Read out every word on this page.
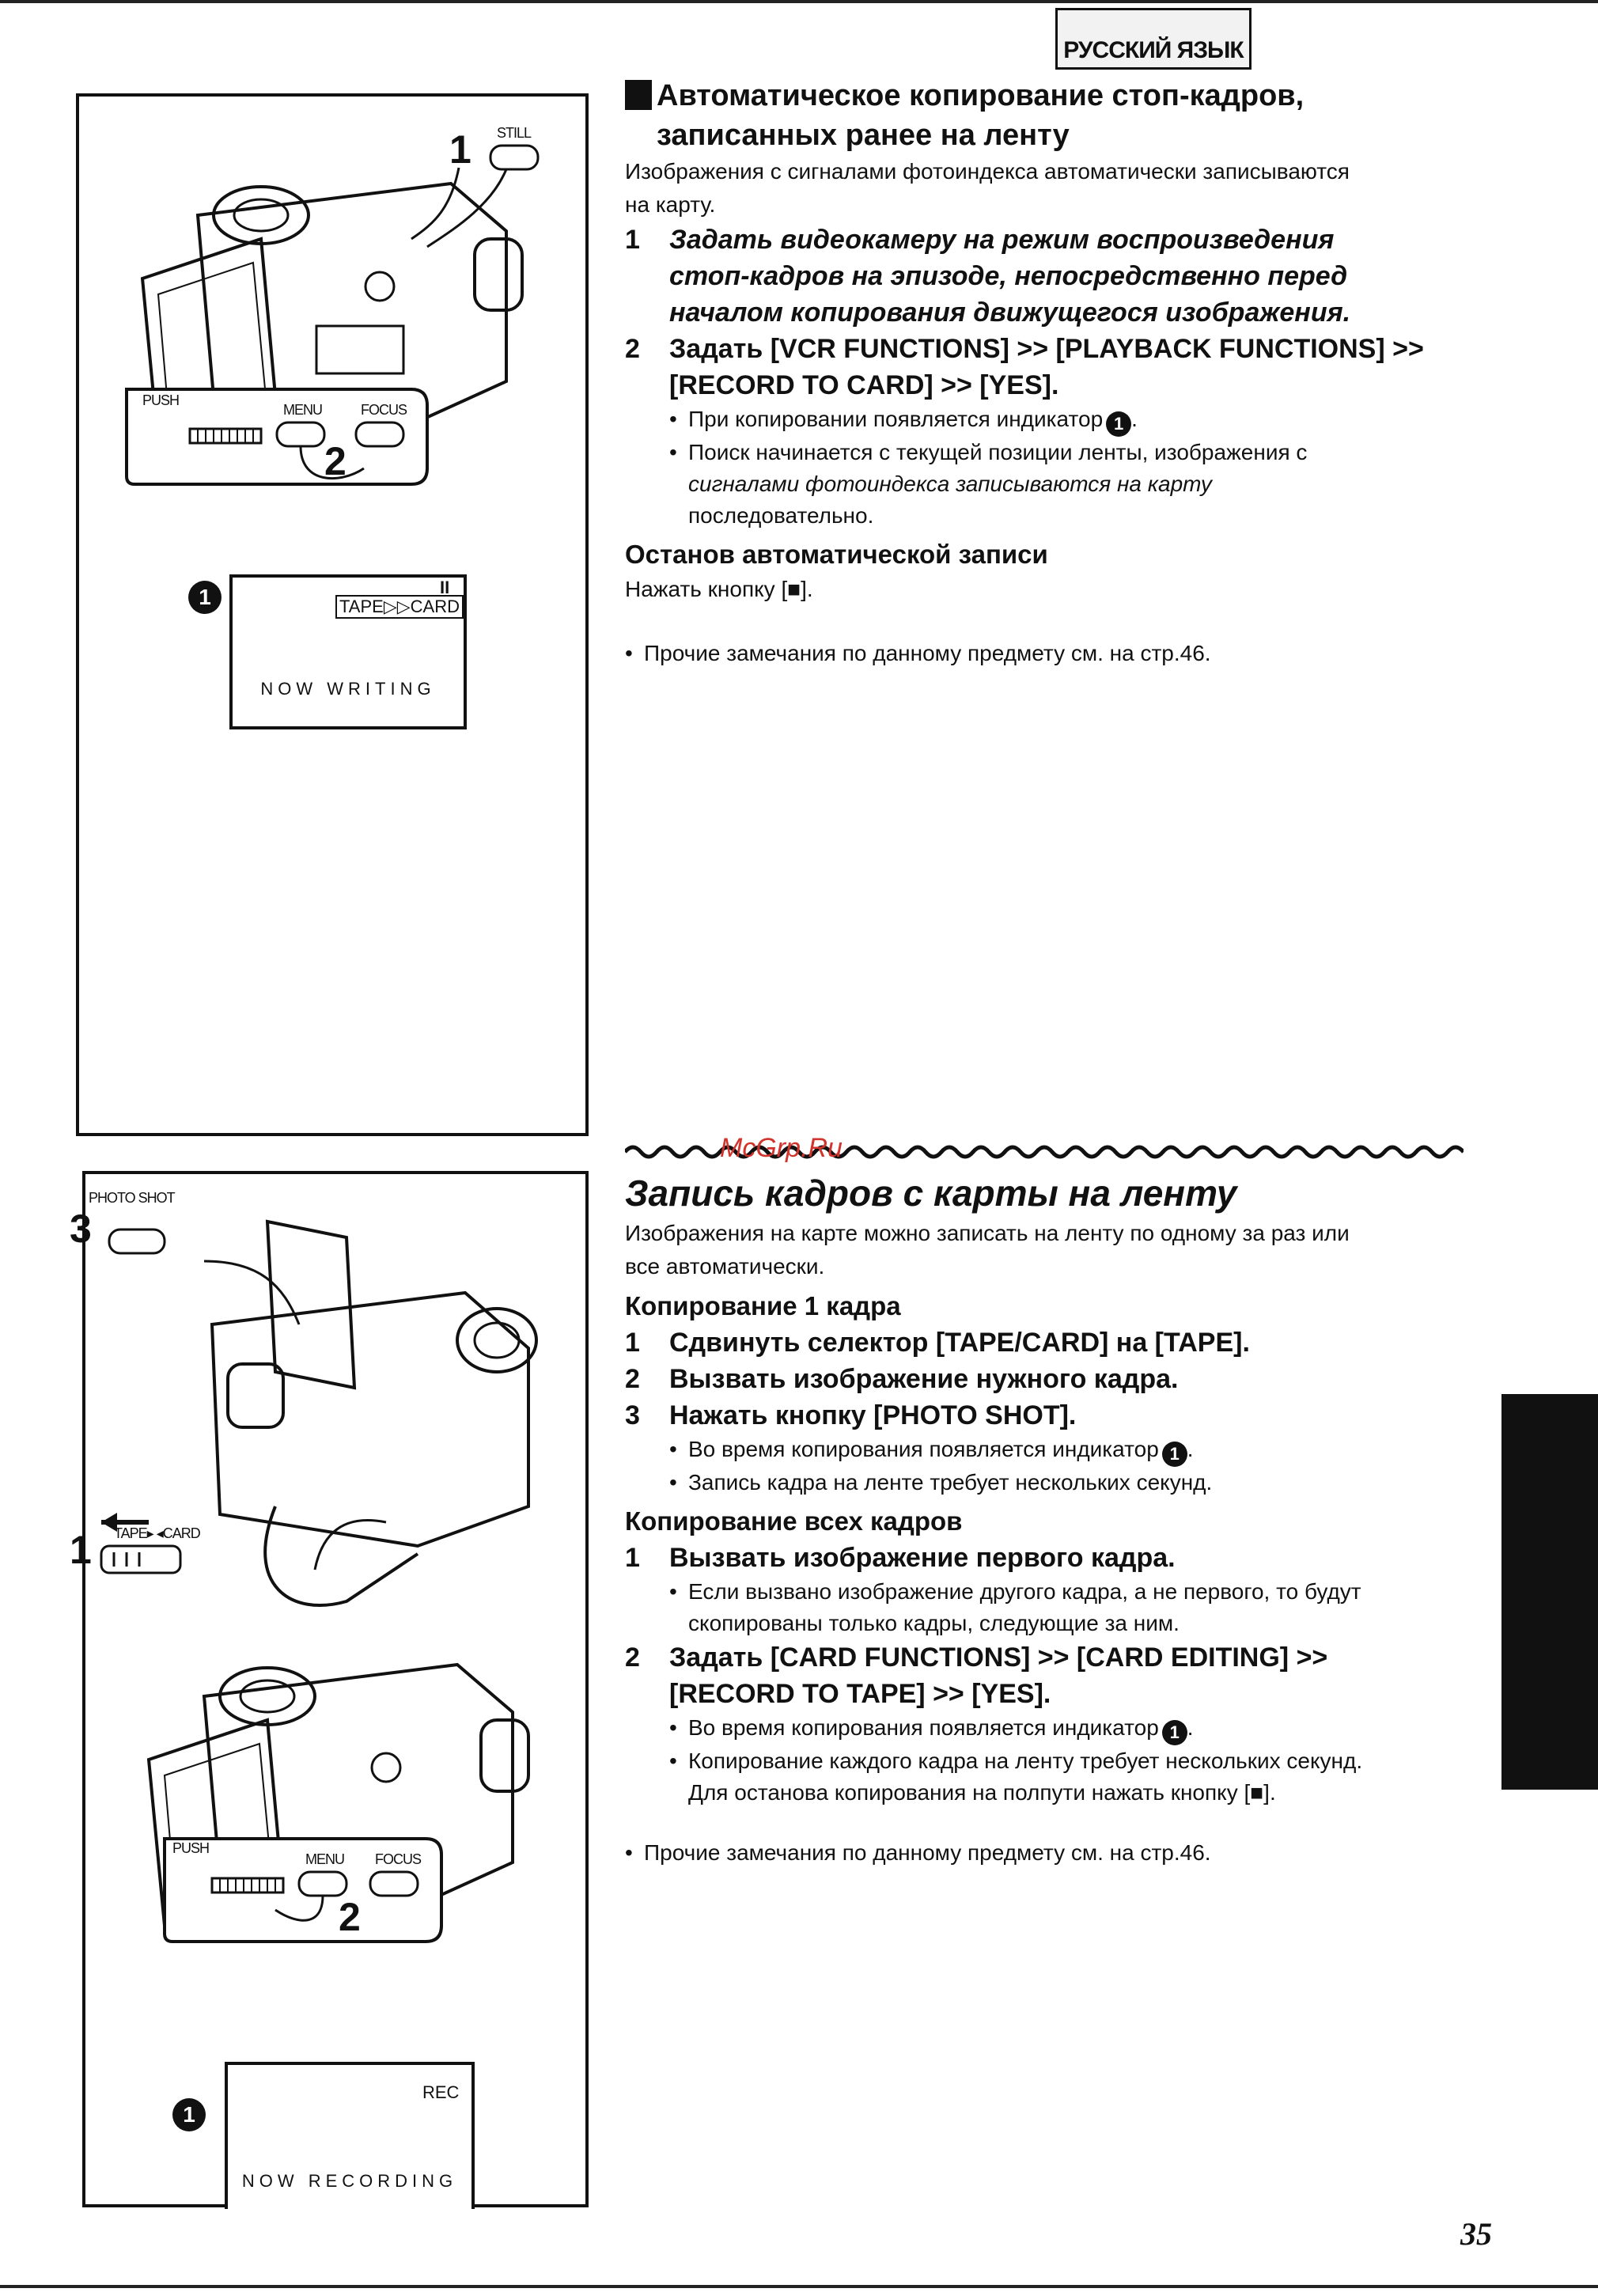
РУССКИЙ ЯЗЫК
35
1 STILL
PUSH
MENU	FOCUS
2
1	TAPE▷▷CARD
II
NOW WRITING
3
PHOTO SHOT
1 TAPE▸ ◂CARD
PUSH
MENU FOCUS
2
1
REC
NOW RECORDING
Автоматическое копирование стоп-кадров,
записанных ранее на ленту
Изображения с сигналами фотоиндекса автоматически записываются
на карту.
1	Задать видеокамеру на режим воспроизведения
стоп-кадров на эпизоде, непосредственно перед
началом копирования движущегося изображения.
2	Задать [VCR FUNCTIONS] >> [PLAYBACK FUNCTIONS] >>
[RECORD TO CARD] >> [YES].
• При копировании появляется индикатор 1 .
• Поиск начинается с текущей позиции ленты, изображения с
сигналами фотоиндекса записываются на карту
последовательно.
Останов автоматической записи
Нажать кнопку [■].
• Прочие замечания по данному предмету см. на стр.46.
McGrp.Ru
Запись кадров с карты на ленту
Изображения на карте можно записать на ленту по одному за раз или
все автоматически.
Копирование 1 кадра
1	Сдвинуть селектор [TAPE/CARD] на [TAPE].
2	Вызвать изображение нужного кадра.
3	Нажать кнопку [PHOTO SHOT].
• Во время копирования появляется индикатор 1 .
• Запись кадра на ленте требует нескольких секунд.
Копирование всех кадров
1	Вызвать изображение первого кадра.
• Если вызвано изображение другого кадра, а не первого, то будут
скопированы только кадры, следующие за ним.
2	Задать [CARD FUNCTIONS] >> [CARD EDITING] >>
[RECORD TO TAPE] >> [YES].
• Во время копирования появляется индикатор 1 .
• Копирование каждого кадра на ленту требует нескольких секунд.
Для останова копирования на полпути нажать кнопку [■].
• Прочие замечания по данному предмету см. на стр.46.
